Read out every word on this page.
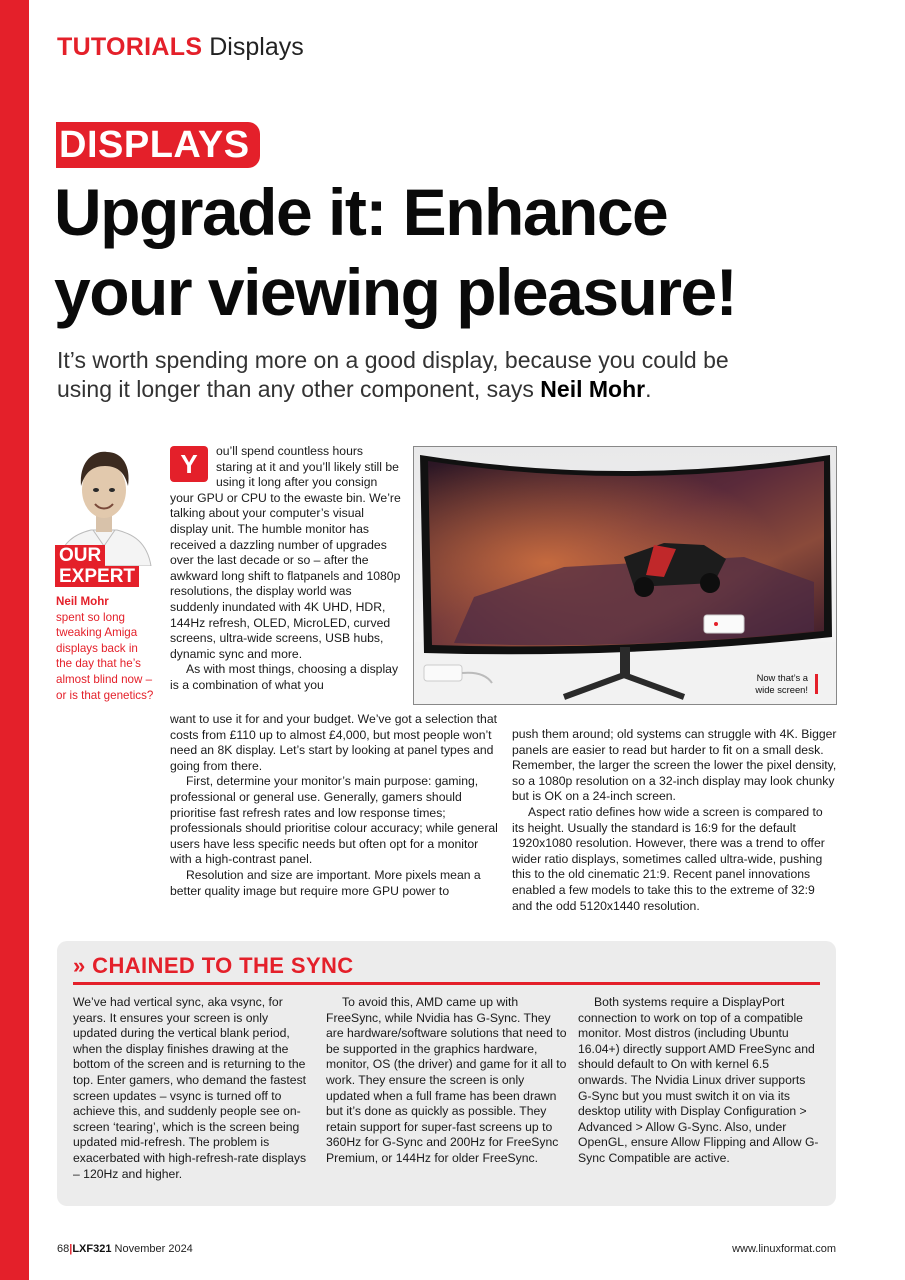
TUTORIALS Displays
DISPLAYS
Upgrade it: Enhance
your viewing pleasure!
It’s worth spending more on a good display, because you could be using it longer than any other component, says Neil Mohr.
OUR
EXPERT
Neil Mohr
spent so long tweaking Amiga displays back in the day that he’s almost blind now – or is that genetics?
Y	ou’ll spend countless hours staring at it and you’ll likely still be using it long after you consign your GPU or CPU to the ewaste bin. We’re talking about your computer’s visual display unit. The humble monitor has received a dazzling number of upgrades over the last decade or so – after the awkward long shift to flatpanels and 1080p resolutions, the display world was suddenly inundated with 4K UHD, HDR, 144Hz refresh, OLED, MicroLED, curved screens, ultra-wide screens, USB hubs, dynamic sync and more.

As with most things, choosing a display is a combination of what you

want to use it for and your budget. We’ve got a selection that costs from £110 up to almost £4,000, but most people won’t need an 8K display. Let’s start by looking at panel types and going from there.

First, determine your monitor’s main purpose: gaming, professional or general use. Generally, gamers should prioritise fast refresh rates and low response times; professionals should prioritise colour accuracy; while general users have less specific needs but often opt for a monitor with a high-contrast panel.

Resolution and size are important. More pixels mean a better quality image but require more GPU power to

push them around; old systems can struggle with 4K. Bigger panels are easier to read but harder to fit on a small desk. Remember, the larger the screen the lower the pixel density, so a 1080p resolution on a 32-inch display may look chunky but is OK on a 24-inch screen.

Aspect ratio defines how wide a screen is compared to its height. Usually the standard is 16:9 for the default 1920x1080 resolution. However, there was a trend to offer wider ratio displays, sometimes called ultra-wide, pushing this to the old cinematic 21:9. Recent panel innovations enabled a few models to take this to the extreme of 32:9 and the odd 5120x1440 resolution.

Now that’s a
wide screen!
» CHAINED TO THE SYNC

We’ve had vertical sync, aka vsync, for years. It ensures your screen is only updated during the vertical blank period, when the display finishes drawing at the bottom of the screen and is returning to the top. Enter gamers, who demand the fastest screen updates – vsync is turned off to achieve this, and suddenly people see on-screen ‘tearing’, which is the screen being updated mid-refresh. The problem is exacerbated with high-refresh-rate displays – 120Hz and higher.

To avoid this, AMD came up with FreeSync, while Nvidia has G-Sync. They are hardware/software solutions that need to be supported in the graphics hardware, monitor, OS (the driver) and game for it all to work. They ensure the screen is only updated when a full frame has been drawn but it’s done as quickly as possible. They retain support for super-fast screens up to 360Hz for G-Sync and 200Hz for FreeSync Premium, or 144Hz for older FreeSync.

Both systems require a DisplayPort connection to work on top of a compatible monitor. Most distros (including Ubuntu 16.04+) directly support AMD FreeSync and should default to On with kernel 6.5 onwards. The Nvidia Linux driver supports G-Sync but you must switch it on via its desktop utility with Display Configuration > Advanced > Allow G-Sync. Also, under OpenGL, ensure Allow Flipping and Allow G-Sync Compatible are active.

68|LXF321 November 2024	www.linuxformat.com
